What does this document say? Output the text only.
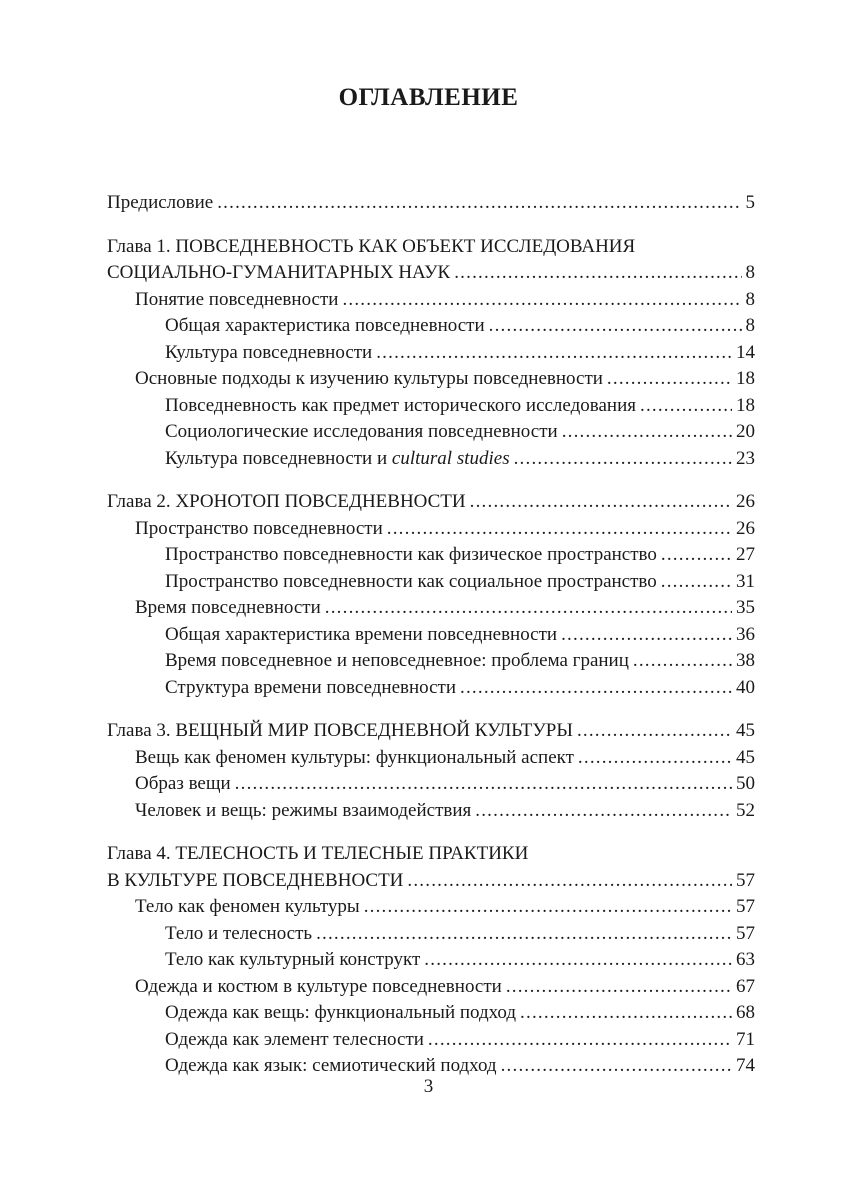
ОГЛАВЛЕНИЕ
Предисловие .....	5
Глава 1. ПОВСЕДНЕВНОСТЬ КАК ОБЪЕКТ ИССЛЕДОВАНИЯ
СОЦИАЛЬНО-ГУМАНИТАРНЫХ НАУК .....	8
Понятие повседневности .....	8
Общая характеристика повседневности .....	8
Культура повседневности .....	14
Основные подходы к изучению культуры повседневности .....	18
Повседневность как предмет исторического исследования .....	18
Социологические исследования повседневности .....	20
Культура повседневности и cultural studies .....	23
Глава 2. ХРОНОТОП ПОВСЕДНЕВНОСТИ .....	26
Пространство повседневности .....	26
Пространство повседневности как физическое пространство .....	27
Пространство повседневности как социальное пространство .....	31
Время повседневности .....	35
Общая характеристика времени повседневности .....	36
Время повседневное и неповседневное: проблема границ .....	38
Структура времени повседневности .....	40
Глава 3. ВЕЩНЫЙ МИР ПОВСЕДНЕВНОЙ КУЛЬТУРЫ .....	45
Вещь как феномен культуры: функциональный аспект .....	45
Образ вещи .....	50
Человек и вещь: режимы взаимодействия .....	52
Глава 4. ТЕЛЕСНОСТЬ И ТЕЛЕСНЫЕ ПРАКТИКИ
В КУЛЬТУРЕ ПОВСЕДНЕВНОСТИ .....	57
Тело как феномен культуры .....	57
Тело и телесность .....	57
Тело как культурный конструкт .....	63
Одежда и костюм в культуре повседневности .....	67
Одежда как вещь: функциональный подход .....	68
Одежда как элемент телесности .....	71
Одежда как язык: семиотический подход .....	74
3
